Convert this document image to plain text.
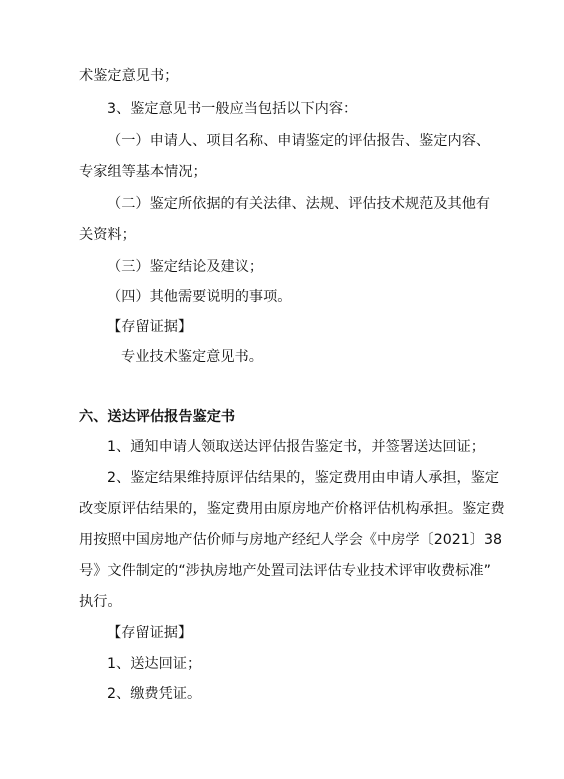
术鉴定意见书；
3、鉴定意见书一般应当包括以下内容：
（一）申请人、项目名称、申请鉴定的评估报告、鉴定内容、
专家组等基本情况；
（二）鉴定所依据的有关法律、法规、评估技术规范及其他有
关资料；
（三）鉴定结论及建议；
（四）其他需要说明的事项。
【存留证据】
专业技术鉴定意见书。
六、送达评估报告鉴定书
1、通知申请人领取送达评估报告鉴定书，并签署送达回证；
2、鉴定结果维持原评估结果的，鉴定费用由申请人承担，鉴定
改变原评估结果的，鉴定费用由原房地产价格评估机构承担。鉴定费
用按照中国房地产估价师与房地产经纪人学会《中房学〔2021〕38
号》文件制定的“涉执房地产处置司法评估专业技术评审收费标准”
执行。
【存留证据】
1、送达回证；
2、缴费凭证。
